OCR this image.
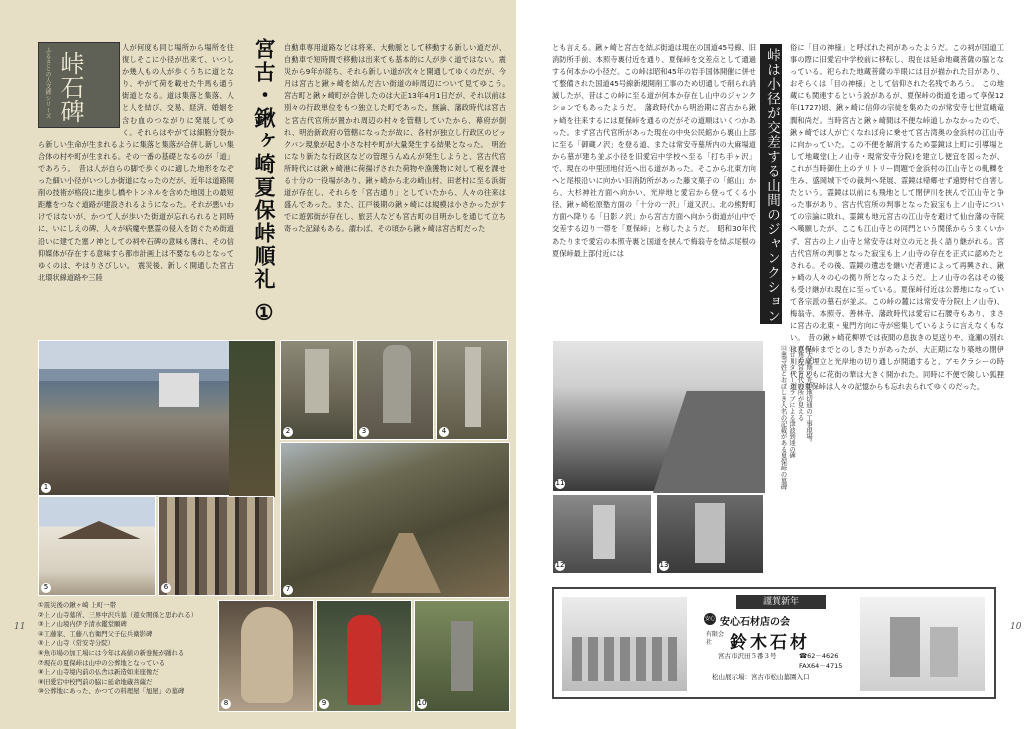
ふるさとの人文碑シリーズ 峠石碑
人が何度も同じ場所から場所を往復しそこに小径が出来て、いつしか幾人もの人が歩くうちに道となり、やがて荷を載せた牛馬も通う街道となる。道は集落と集落、人と人を結び、交易、経済、婚姻を含む血のつながりに発展してゆく。それらはやがては細胞分裂から新しい生命が生まれるように集落と集落が合併し新しい集合体の村や町が生まれる。その一番の基礎となるのが「道」であろう。　昔は人が自らの脚で歩くのに適した地形をなぞった細い小径がいつしか街道になったのだが、近年は道路開削の技術が格段に進歩し橋やトンネルを含めた地図上の最短距離をつなぐ道路が建設されるようになった。それが悪いわけではないが、かつて人が歩いた街道が忘れられると同時に、いにしえの碑、人々が病魔や悪霊の侵入を防ぐため街道沿いに建てた塞ノ神としての祠や石碑の意味も薄れ、その信仰媒体が存在する意味すら都市計画上は不要なものとなってゆくのは、やはりさびしい。　震災後、新しく開通した宮古北環状線道路や三陸	宮古・鍬ヶ崎夏保峠順礼 ① 自動車専用道路などは将来、大動脈として移動する新しい道だが、自動車で短時間で移動は出来ても基本的に人が歩く道ではない。震災から9年が経ち、それら新しい道が次々と開通してゆくのだが、今月は宮古と鍬ヶ崎を結んだ古い街道の峠周辺について見てゆこう。　宮古町と鍬ヶ崎町が合併したのは大正13年4月1日だが、それ以前は別々の行政単位をもつ独立した町であった。無論、藩政時代は宮古と宮古代官所が置かれ周辺の村々を管轄していたから、幕府が倒れ、明治新政府の管轄になったが故に、各村が独立し行政区のビックバン現象が起き小さな村や町が大量発生する結果となった。　明治になり新たな行政区などの管理うんぬんが発生しようと、宮古代官所時代には鍬ヶ崎港に荷揚げされた荷物や漁獲物に対して税を課せる十分の一役場があり、鍬ヶ崎から北の崎山村、田老村に至る浜街道が存在し、それらを「宮古通り」としていたから、人々の往来は盛んであった。また、江戸後期の鍬ヶ崎には規模は小さかったがすでに遊郭街が存在し、旅芸人なども宮古町の目明かしを通じて立ち寄った記録もある。謂わば、その頃から鍬ヶ崎は宮古町だった
1
2	3	4
5	6	7
8	9	10
①震災後の鍬ヶ崎 上町一帯
②上ノ山寺墓所、三界中沢兵墓（遊女関係と思われる）
③上ノ山境内伊予清水鑑堂願碑
④工藤家、工藤八右衛門父子伝兵衛影碑
⑤上ノ山寺（常安寺分院）
⑥魚市場の加工場には今年は高値の新巻鮭が踊れる
⑦現在の夏保峠は山中の公葬地となっている
⑧上ノ山寺境内前の仏舎は新造如来座像だ
⑨旧愛宕中校門前の脇に延命地蔵菩薩だ
⑩公葬地にあった、かつての料理屋「旭屋」の墓碑
11
とも言える。鍬ヶ崎と宮古を結ぶ街道は現在の国道45号線、旧消防所手前、本照寺裏付近を通り、夏保峠を交差点として通過する何本かの小径だ。この峠は昭和45年の岩手国体開催に併せて整備された国道45号線新規開削工事のため切通しで削られ消滅したが、昔はこの峠に至る道が何本か存在し山中のジャンクションでもあったようだ。　藩政時代から明治期に宮古から鍬ヶ崎を往来するには夏保峠を通るのだがその道順はいくつかあった。まず宮古代官所があった現在の中央公民館から裏山上部に至る「御蔵ノ沢」を登る道、または常安寺墓所内の大麻場道から墓が建ち並ぶ小径を旧愛宕中学校へ至る「打ち手ヶ沢」で、現在の中里団地付近へ出る道があった。そこから北東方向へと尾根沿いに向かい旧消防所があった藤文菓子の「館山」から、大杉神社方面へ向かい、光岸地と愛宕から登ってくる小径、鍬ヶ崎松原塾方面の「十分の一沢」「道又沢」、北の熊野町方面へ降りる「日影ノ沢」から宮古方面へ向かう街道が山中で交差する辺り一帯を「夏保峠」と称したようだ。　昭和30年代あたりまで愛宕の本照寺裏と国道を挟んで梅翁寺を結ぶ尾根の夏保峠最上部付近には
俗に「目の神様」と呼ばれた祠があったようだ。この祠が国道工事の際に旧愛宕中学校前に移転し、現在は延命地蔵菩薩の脇となっている。祀られた地蔵菩薩の半眼には目が描かれた目があり、おそらくは「目の神様」として信仰された名残であろう。　この地蔵にも関連するという説があるが、夏保峠の街道を通って享保12年(1727)頃、鍬ヶ崎に信仰の宗徒を集めたのが常安寺七世宣峨竜潤和尚だ。当時宮古と鍬ヶ崎間は不便な峠道しかなかったので、鍬ヶ崎では人が亡くなれば舟に乗せて宮古湾奥の金浜村の江山寺に向かっていた。この不便を解消するため霊鏡は上町に引導場として地蔵堂(上ノ山寺・現常安寺分院)を建立し便宜を図ったが、これが当時御仕上のテリトリー問題で金浜村の江山寺との軋轢を生み、盛岡城下での裁判へ発展、霊鏡は帰郷せず遠野村で自害したという。霊鏡は以前にも飛地として閉伊川を挟んで江山寺と争った事があり、宮古代官所の判事となった寂宝も上ノ山寺についての宗論に敗れ、霊鏡も地元宮古の江山寺を避けて仙台藩の寺院へ嘆願したが、ここも江山寺との同門という関係からうまくいかず、宮古の上ノ山寺と常安寺は対立の元と長く語り継がれる。宮古代官所の判事となった寂宝も上ノ山寺の存在を正式に認めたとされる。その後、霊鏡の遺志を継いだ者達によって再興され、鍬ヶ崎の人々の心の拠り所となったようだ。上ノ山寺の名はその後も受け継がれ現在に至っている。夏保峠付近は公葬地になっていて各宗派の墓石が並ぶ。この峠の麓には常安寺分院(上ノ山寺)、梅翁寺、本照寺、善林寺、藩政時代は愛宕に石腰寺もあり、まさに宮古の北東・鬼門方向に寺が密集しているように言えなくもない。　昔の鍬ヶ崎花柳界では夜間の息抜きの見送りや、逢瀬の別れは夏保峠までとのしきたりがあったが、大正期になり築地の閉伊川左岸埋立と光岸地の切り通しが開通すると、アモクラシーの時代とともに花街の華は大きく開かれた。同時に不便で険しい狐狸道の夏保峠は人々の記憶からも忘れ去られてゆくのだった。
11
12	13
⑪大正期の光岸地切通の工事現場。
六角の宮古代官所が見える
⑫ロータリークラブによる津波到達の碑
⑬奥寺姓とおぼしき人名の記載がある夏保峠の墓碑
10
峠は小径が交差する山間のジャンクション
謹賀新年
安心 安心石材店の会
有限会社	鈴木石材
宮古市沢田５番３号	☎62－4626
FAX64－4715
松山展示場：宮古市松山墓園入口
